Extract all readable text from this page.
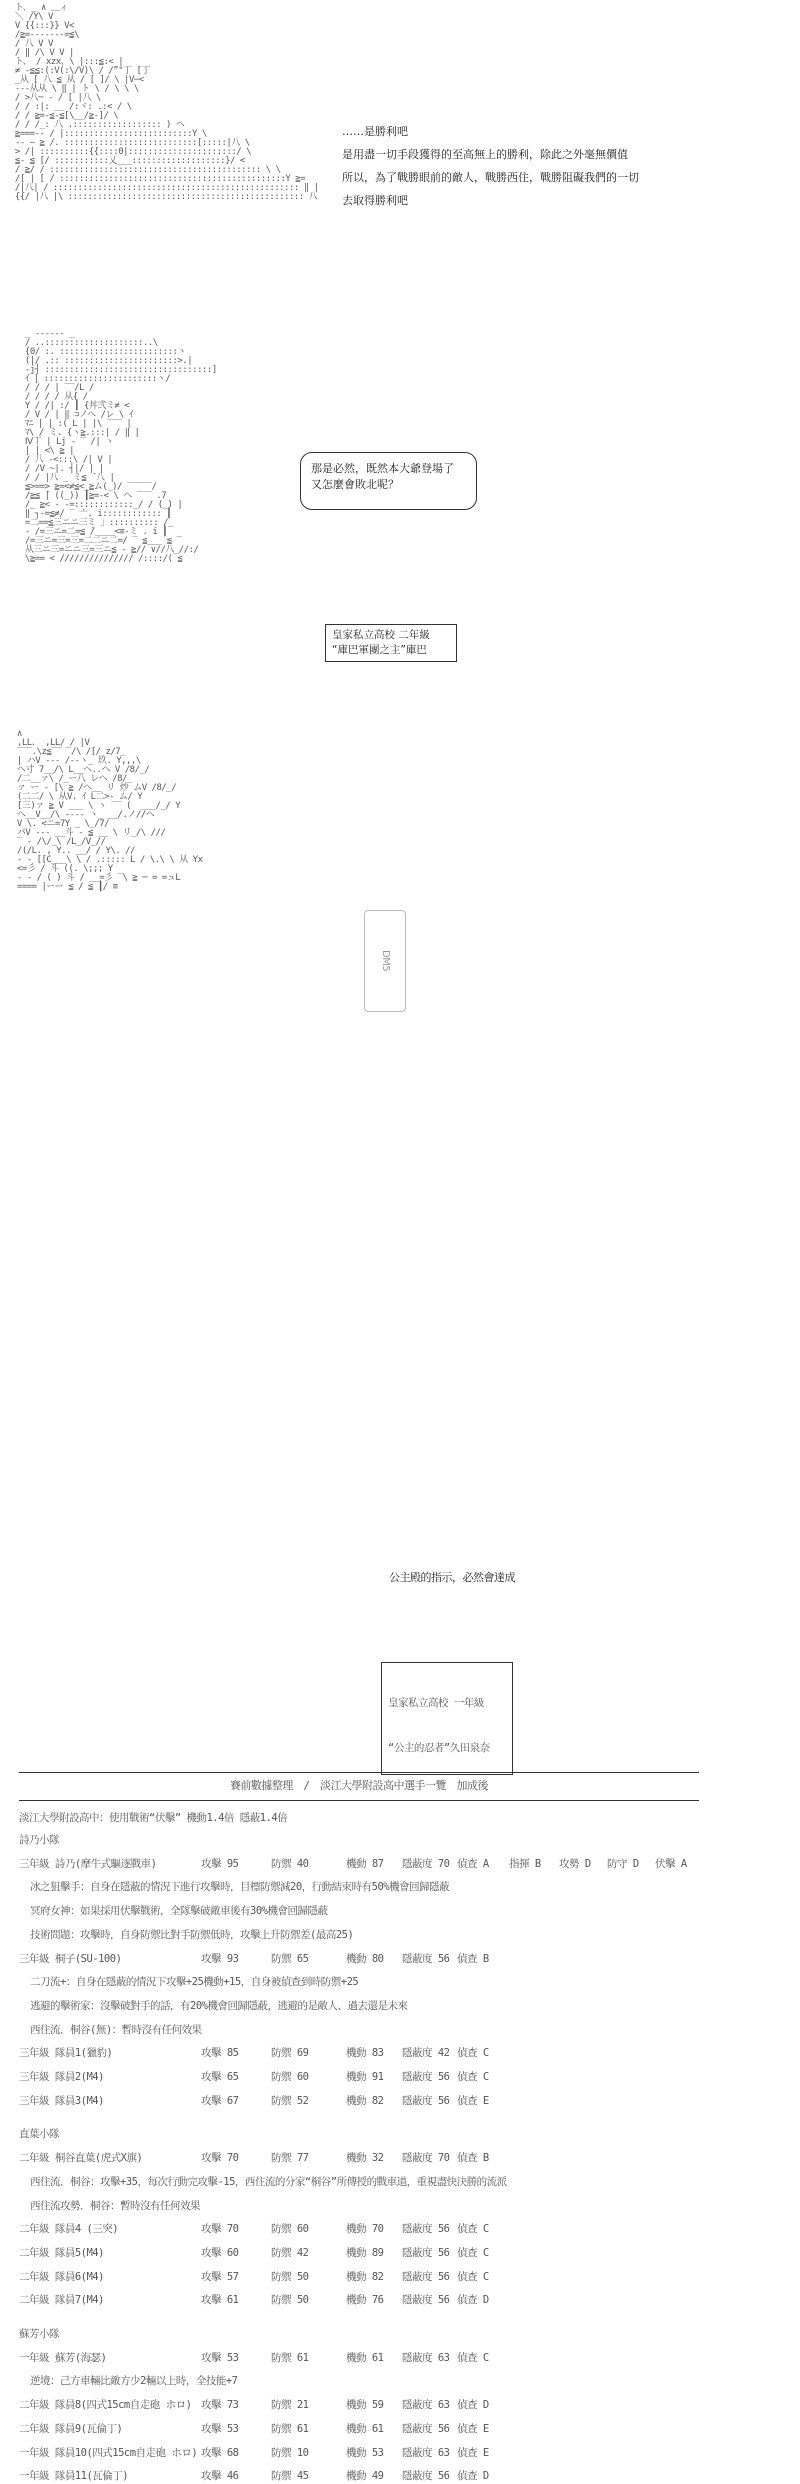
ト、_ ∧ ＿ィ
＼ /Y\ V
V {{:::}} V<
/≧=-------=≦\
/ 八 V V
/ ‖ /\ V V |
ト、 / xzx、\ |:::≦:< |
≠ -≦≦:(:V(:\/V)\ / /”"丁 [丁
_从 [ 八 ≦ 从 / [ ]/ \ |V−<
‐‐‐从从 \ ‖ | ト \ / \ \ \
/ >八─ ‐ / [ |八 \
/ / :|: __ /:ヾ: .:< / \
/ / ≧=-≦-≦[\__/≧-]/ \
/ / /_: 八 .:::::::::::::::::: ) ヘ
≧===-- / |::::::::::::::::::::::::::Y \
‐‐ ― ≧ /. :::::::::::::::::::::::::::[:::::|八 \
> /| ::::::::::{{::::0|::::::::::::::::::::::/ \
≦- ≦ [/ :::::::::::乂___:::::::::::::::::::}/ <
/ ≧/ / ::::::::::::::::::::::::::::::::::::::::::: \ \
/[ | [ / ::::::::::::::::::::::::::::::::::::::::::::::Y ≧=
/|八| / :::::::::::::::::::::::::::::::::::::::::::::::::: ‖ |
{{/ |八 |\ :::::::::::::::::::::::::::::::::::::::::::::::: 八
……是勝利吧
是用盡一切手段獲得的至高無上的勝利，除此之外毫無價值
所以，為了戰勝眼前的敵人，戰勝西住，戰勝阻礙我們的一切
去取得勝利吧
_ ‐‐‐‐‐‐ _
/ ..::::::::::::::::::::..\
{0/ :. ::::::::::::::::::::::::ヽ
(|/ .:: :::::::::::::::::::::::>.|
-j┤ ::::::::::::::::::::::::::::::::::]
ｲ | :::::::::::::::::::::::ヽ/
/ / / | ‾‾/L /
/ / / / 从{ /
Y / /| :/ ┃ {丼弐ミ≠ <
/ V / | ‖ ⊃ノヘ /レ \ ｲ
ﾏﾆ | | :( L | |\ ‾‾‾ |
ﾏ\ / ミ. {ヽ≧.:::| / ‖ |
Ⅳ丅 | Lj ‐ ‾ /| ヽ
| | <\ ≧ |
/ 八 ‐<:::\ /| V |
/ /V ~|. ┤|/ | |
/ / |八 _ ミ≦ ̄ 八 |
≦>==> ≧=<≠≦<_≧ム(_)/ ‾‾‾‾‾/
/≧≦ ̄| ((_)) ┃≧=-< \ ヘ ‾‾‾ .7
/_ ≧< ‐ -=::::::::::::_/ / (_) |
‖ ┐‐=≦≠/ ‾ 亠. i:::::::::::: ┃
=二==≦三ニニ三ミ 」:::::::::: /_
‐ /=三ニ=二=≦ ̄/____<≡-ミ . i ┃
/=三ニ=三=三=二二ニ二=/ ‾ ≦___ ≦ ‾
从三ニ三=ニニ三=三ニ≦ - ≧// ∨//八_//:/
\≧== < /////////////// /::::/( ≦
那是必然，既然本大爺登場了
又怎麼會敗北呢？
皇家私立高校 二年級
“庫巴軍團之主”庫巴
∧
,LL、 ,LL/ / |V
‾‾‾.\z≦‾‾ ‾/\ /[/ z/7_
| ハV ‐‐‐ /‐-ヽ_ 玖. Y,,,\
ヘ寸 7__/\ L__ヘ..ヘ V /8/_/
/二__ァ\ /_ー八 レヘ /8/_
ァ ー ‐ [\ ≧ /ヘ__ リ 炒 ムV /8/_/
(二二/ \ 从V. ｲ L二>‐ ム/ Y
[三)ァ ≧ V ___ \ ヽ ‾‾ (  ___/_/ Y
ヘ__V__/\ ‐‐‐‐ ヽ_ __/.ノ//ヘ
V \. <ニ=7Y _ \_/7/
パV ‐‐‐ __斗 ‐ ≦ __ \ リ_/\ ///
‾ ‐ /\/_\ /L_/V_//
/(/L. , Y.. __/ / Y\. //
‐ ‐ [[C___\ \ / .::::: L / \.\ \ 从 Yx
<=彡 / 斗 ((. \;;; Y
‐ ‐ / ( ) 斗 / __=彡 ‾\ ≧ ─ = =ュL
==== |ーー ≦ / ≦ ┃/ ≡

公主殿的指示，必然會達成

皇家私立高校 一年級

“公主的忍者”久田泉奈

賽前數據整理　/　淡江大學附設高中選手一覽　加成後

淡江大學附設高中：使用戰術“伏擊” 機動1.4倍 隱蔽1.4倍

詩乃小隊
三年級 詩乃(摩牛式驅逐戰車)	攻擊 95	防禦 40	機動 87 隱蔽度 70 偵查 A 指揮 B 攻勢 D 防守 D 伏擊 A
冰之狙擊手：自身在隱蔽的情況下進行攻擊時，目標防禦減20，行動結束時有50%機會回歸隱蔽
冥府女神：如果採用伏擊戰術，全隊擊破敵車後有30%機會回歸隱蔽
技術問題：攻擊時，自身防禦比對手防禦低時，攻擊上升防禦差(最高25)
三年級 桐子(SU-100)	攻擊 93	防禦 65	機動 80 隱蔽度 56 偵查 B
二刀流+：自身在隱蔽的情況下攻擊+25機動+15，自身被偵查到時防禦+25
逃避的擊術家：沒擊破對手的話，有20%機會回歸隱蔽，逃避的是敵人、過去還是未來
西住流．桐谷(無)：暫時沒有任何效果
三年級 隊員1(獵豹)	攻擊 85	防禦 69	機動 83 隱蔽度 42 偵查 C
三年級 隊員2(M4)	攻擊 65	防禦 60	機動 91 隱蔽度 56 偵查 C
三年級 隊員3(M4)	攻擊 67	防禦 52	機動 82 隱蔽度 56 偵查 E
直葉小隊
二年級 桐谷直葉(虎式X旗)	攻擊 70	防禦 77	機動 32 隱蔽度 70 偵查 B
西住流．桐谷：攻擊+35，每次行動完攻擊-15，西住流的分家“桐谷”所傳授的戰車道，重視盡快決勝的流派
西住流攻勢．桐谷：暫時沒有任何效果
二年級 隊員4 (三突)	攻擊 70	防禦 60	機動 70 隱蔽度 56 偵查 C
二年級 隊員5(M4)	攻擊 60	防禦 42	機動 89 隱蔽度 56 偵查 C
二年級 隊員6(M4)	攻擊 57	防禦 50	機動 82 隱蔽度 56 偵查 C
二年級 隊員7(M4)	攻擊 61	防禦 50	機動 76 隱蔽度 56 偵查 D
蘇芳小隊
一年級 蘇芳(海瑟)	攻擊 53	防禦 61	機動 61 隱蔽度 63 偵查 C
逆境：己方車輛比敵方少2輛以上時，全技能+7
二年級 隊員8(四式15cm自走砲 ホロ) 攻擊 73	防禦 21	機動 59 隱蔽度 63 偵查 D
二年級 隊員9(瓦倫丁)	攻擊 53	防禦 61	機動 61 隱蔽度 56 偵查 E
一年級 隊員10(四式15cm自走砲 ホロ) 攻擊 68	防禦 10	機動 53 隱蔽度 63 偵查 E
一年級 隊員11(瓦倫丁)	攻擊 46	防禦 45	機動 49 隱蔽度 56 偵查 D

DM5
